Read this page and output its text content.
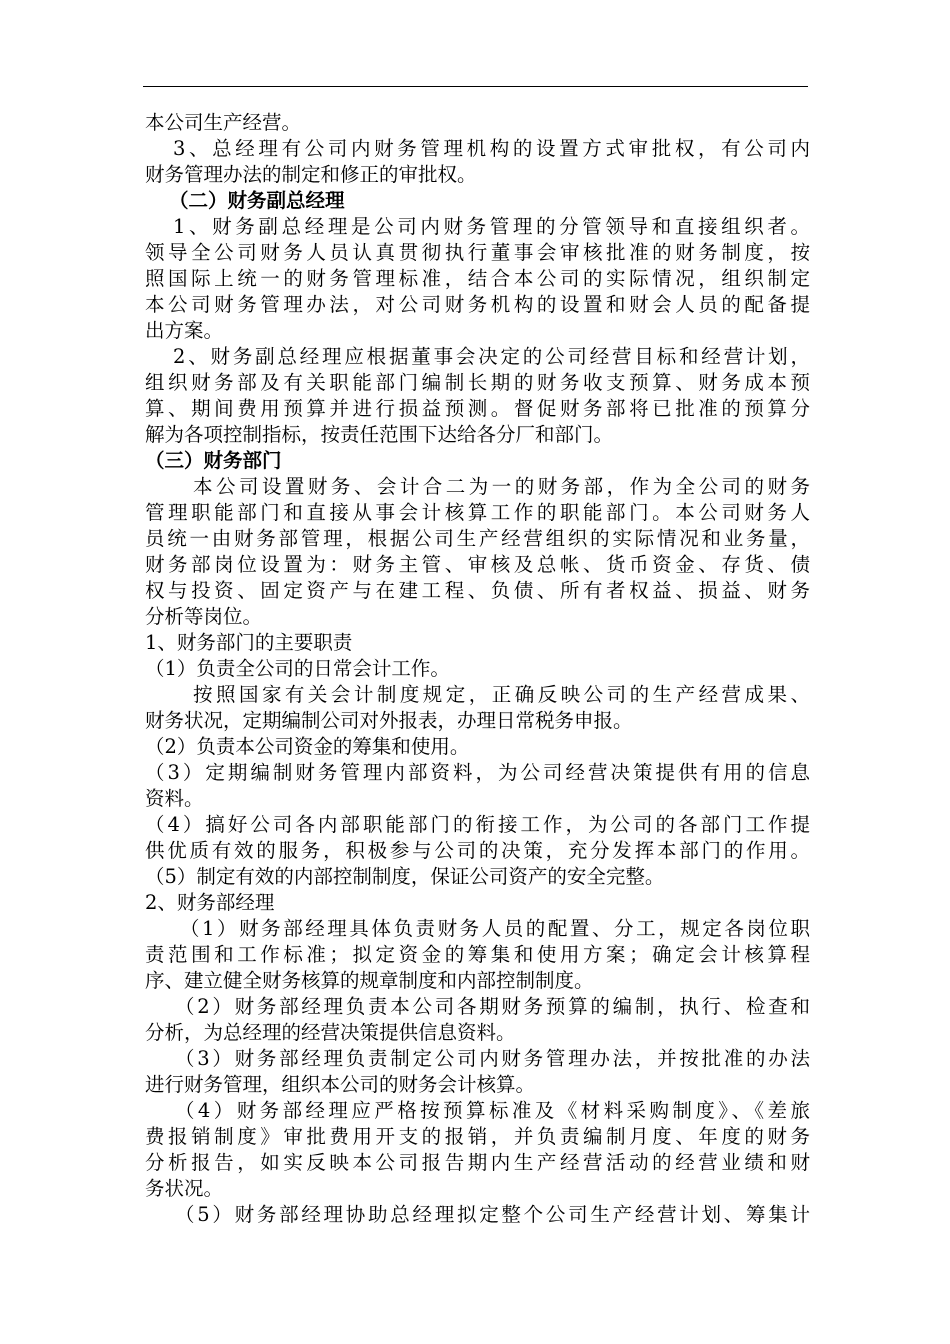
本公司生产经营。
3、总经理有公司内财务管理机构的设置方式审批权，有公司内
财务管理办法的制定和修正的审批权。
（二）财务副总经理
1、财务副总经理是公司内财务管理的分管领导和直接组织者。
领导全公司财务人员认真贯彻执行董事会审核批准的财务制度，按
照国际上统一的财务管理标准，结合本公司的实际情况，组织制定
本公司财务管理办法，对公司财务机构的设置和财会人员的配备提
出方案。
2、财务副总经理应根据董事会决定的公司经营目标和经营计划，
组织财务部及有关职能部门编制长期的财务收支预算、财务成本预
算、期间费用预算并进行损益预测。督促财务部将已批准的预算分
解为各项控制指标，按责任范围下达给各分厂和部门。
（三）财务部门
本公司设置财务、会计合二为一的财务部，作为全公司的财务
管理职能部门和直接从事会计核算工作的职能部门。本公司财务人
员统一由财务部管理，根据公司生产经营组织的实际情况和业务量，
财务部岗位设置为：财务主管、审核及总帐、货币资金、存货、债
权与投资、固定资产与在建工程、负债、所有者权益、损益、财务
分析等岗位。
1、财务部门的主要职责
（1）负责全公司的日常会计工作。
按照国家有关会计制度规定，正确反映公司的生产经营成果、
财务状况，定期编制公司对外报表，办理日常税务申报。
（2）负责本公司资金的筹集和使用。
（3）定期编制财务管理内部资料，为公司经营决策提供有用的信息
资料。
（4）搞好公司各内部职能部门的衔接工作，为公司的各部门工作提
供优质有效的服务，积极参与公司的决策，充分发挥本部门的作用。
（5）制定有效的内部控制制度，保证公司资产的安全完整。
2、财务部经理
（1）财务部经理具体负责财务人员的配置、分工，规定各岗位职
责范围和工作标准；拟定资金的筹集和使用方案；确定会计核算程
序、建立健全财务核算的规章制度和内部控制制度。
（2）财务部经理负责本公司各期财务预算的编制，执行、检查和
分析，为总经理的经营决策提供信息资料。
（3）财务部经理负责制定公司内财务管理办法，并按批准的办法
进行财务管理，组织本公司的财务会计核算。
（4）财务部经理应严格按预算标准及《材料采购制度》、《差旅
费报销制度》审批费用开支的报销，并负责编制月度、年度的财务
分析报告，如实反映本公司报告期内生产经营活动的经营业绩和财
务状况。
（5）财务部经理协助总经理拟定整个公司生产经营计划、筹集计
